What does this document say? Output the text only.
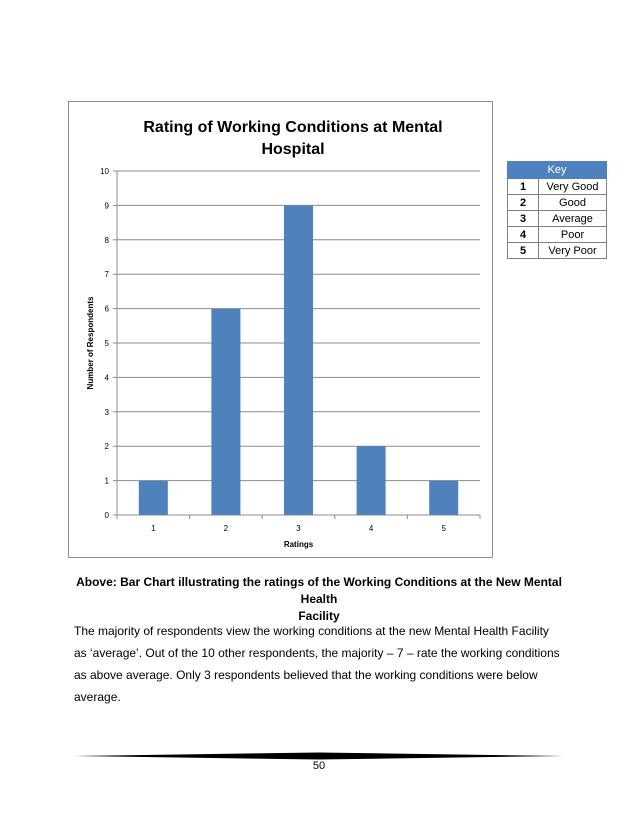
Rating of Working Conditions at Mental
Hospital
0
1
2
3
4
5
6
7
8
9
10
1	2	3	4	5
Ratings
Number of Respondents
Key	
1	Very Good
2	Good
3	Average
4	Poor
5	Very Poor
Above: Bar Chart illustrating the ratings of the Working Conditions at the New Mental Health
Facility

The majority of respondents view the working conditions at the new Mental Health Facility as ‘average’. Out of the 10 other respondents, the majority – 7 – rate the working conditions as above average. Only 3 respondents believed that the working conditions were below average.

50
